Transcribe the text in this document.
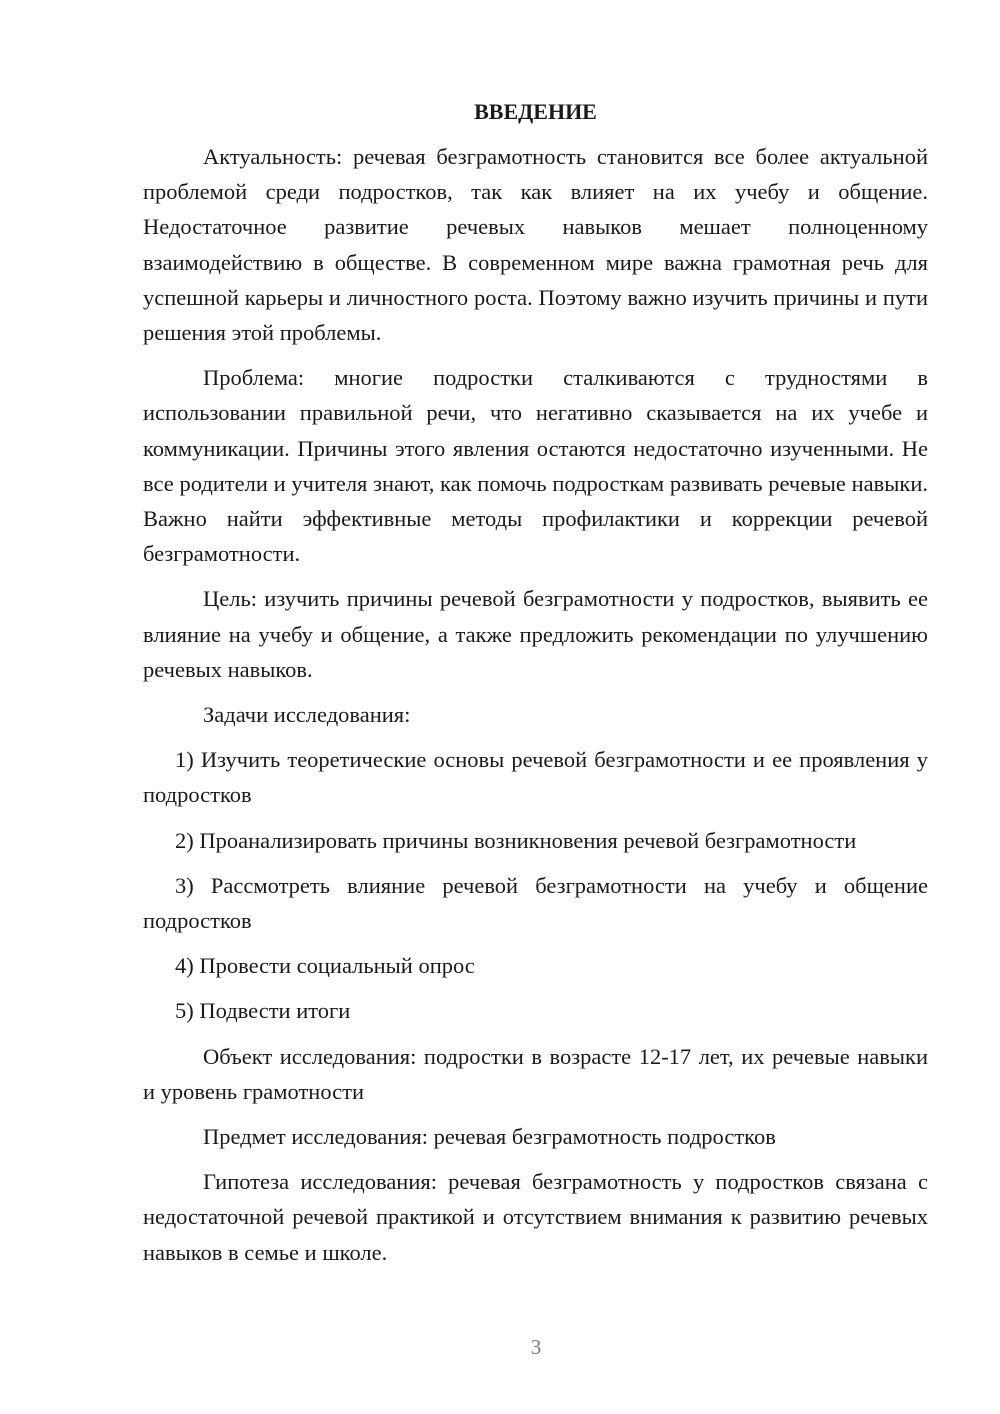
ВВЕДЕНИЕ

Актуальность: речевая безграмотность становится все более актуальной проблемой среди подростков, так как влияет на их учебу и общение. Недостаточное развитие речевых навыков мешает полноценному взаимодействию в обществе. В современном мире важна грамотная речь для успешной карьеры и личностного роста. Поэтому важно изучить причины и пути решения этой проблемы.

Проблема: многие подростки сталкиваются с трудностями в использовании правильной речи, что негативно сказывается на их учебе и коммуникации. Причины этого явления остаются недостаточно изученными. Не все родители и учителя знают, как помочь подросткам развивать речевые навыки. Важно найти эффективные методы профилактики и коррекции речевой безграмотности.

Цель: изучить причины речевой безграмотности у подростков, выявить ее влияние на учебу и общение, а также предложить рекомендации по улучшению речевых навыков.

Задачи исследования:

1) Изучить теоретические основы речевой безграмотности и ее проявления у подростков

2) Проанализировать причины возникновения речевой безграмотности

3) Рассмотреть влияние речевой безграмотности на учебу и общение подростков

4) Провести социальный опрос

5) Подвести итоги

Объект исследования: подростки в возрасте 12-17 лет, их речевые навыки и уровень грамотности

Предмет исследования: речевая безграмотность подростков

Гипотеза исследования: речевая безграмотность у подростков связана с недостаточной речевой практикой и отсутствием внимания к развитию речевых навыков в семье и школе.

3
